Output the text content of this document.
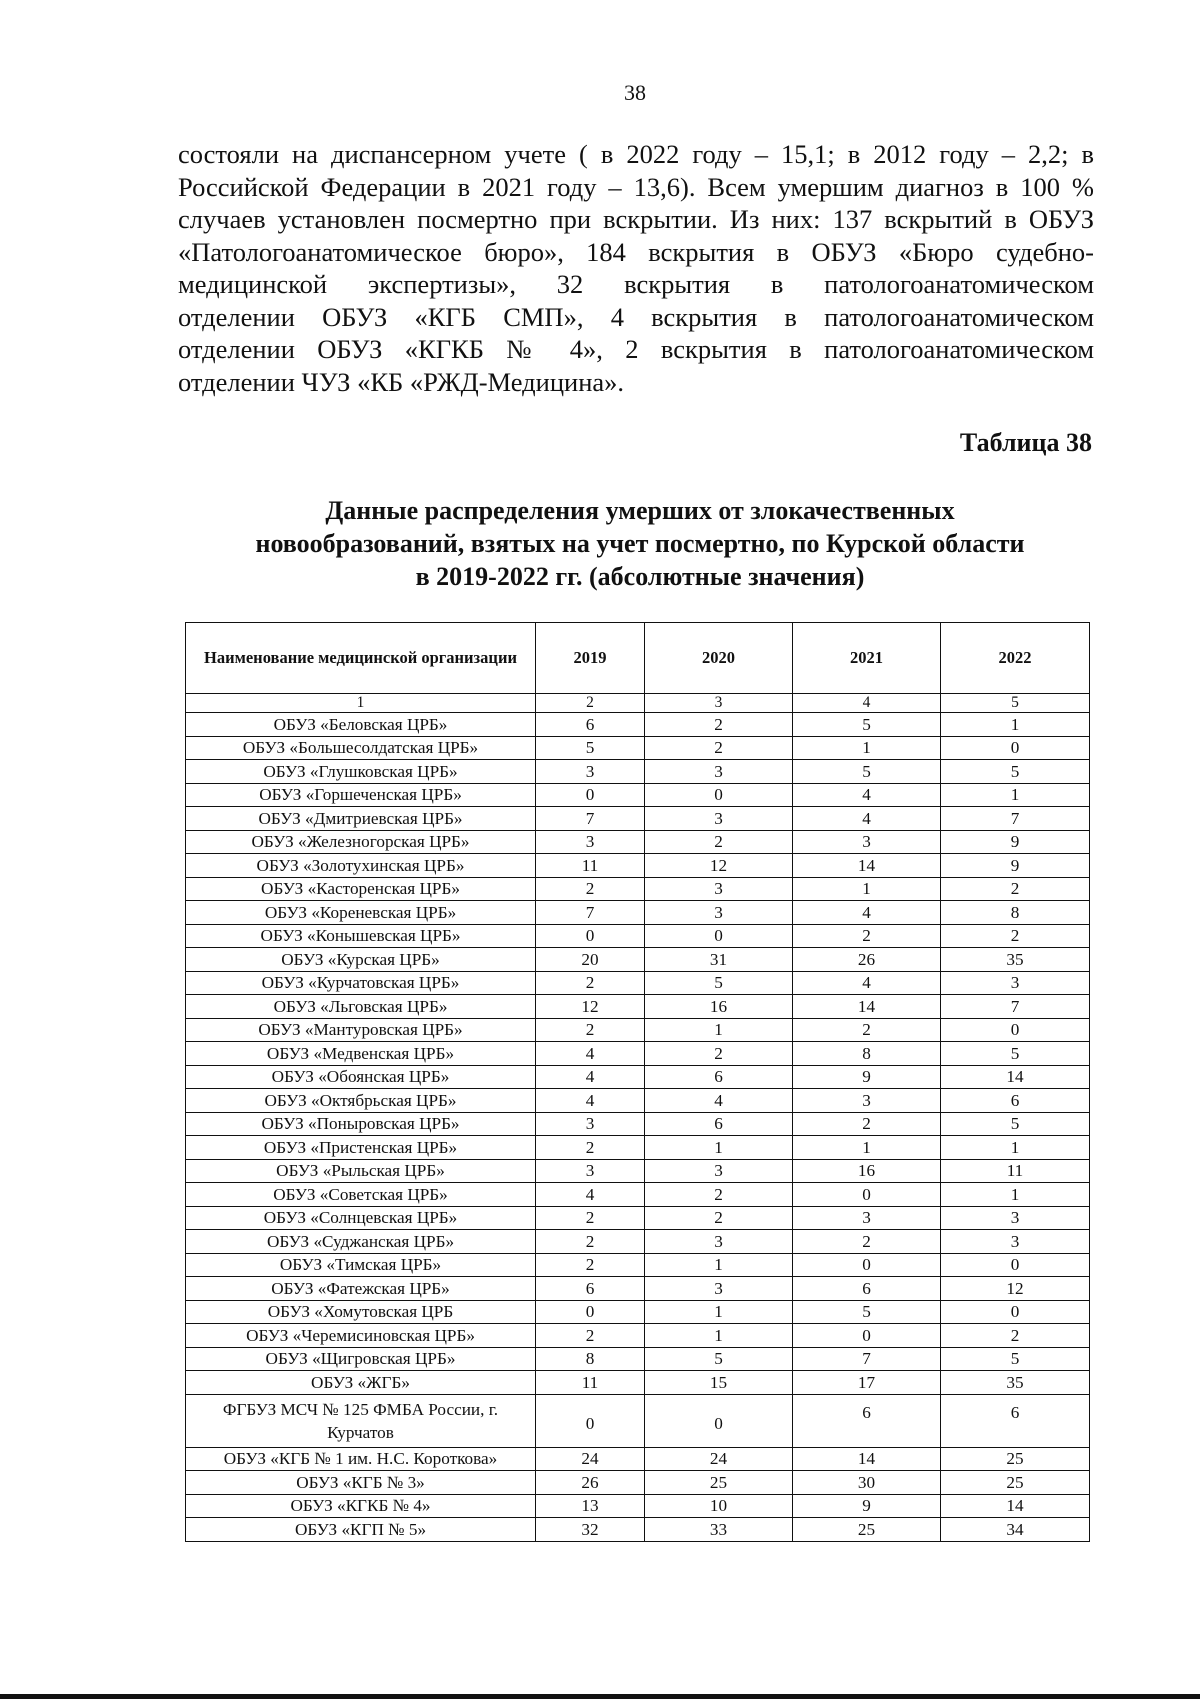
38
состояли на диспансерном учете ( в 2022 году – 15,1; в 2012 году – 2,2; в
Российской Федерации в 2021 году – 13,6). Всем умершим диагноз в 100 %
случаев установлен посмертно при вскрытии. Из них: 137 вскрытий в ОБУЗ
«Патологоанатомическое бюро», 184 вскрытия в ОБУЗ «Бюро судебно-
медицинской экспертизы», 32 вскрытия в патологоанатомическом
отделении ОБУЗ «КГБ СМП», 4 вскрытия в патологоанатомическом
отделении ОБУЗ «КГКБ № 4», 2 вскрытия в патологоанатомическом
отделении ЧУЗ «КБ «РЖД-Медицина».
Таблица 38
Данные распределения умерших от злокачественных
новообразований, взятых на учет посмертно, по Курской области
в 2019-2022 гг. (абсолютные значения)
Наименование медицинской организации	2019	2020	2021	2022
1	2	3	4	5
ОБУЗ «Беловская ЦРБ»	6	2	5	1
ОБУЗ «Большесолдатская ЦРБ»	5	2	1	0
ОБУЗ «Глушковская ЦРБ»	3	3	5	5
ОБУЗ «Горшеченская ЦРБ»	0	0	4	1
ОБУЗ «Дмитриевская ЦРБ»	7	3	4	7
ОБУЗ «Железногорская ЦРБ»	3	2	3	9
ОБУЗ «Золотухинская ЦРБ»	11	12	14	9
ОБУЗ «Касторенская ЦРБ»	2	3	1	2
ОБУЗ «Кореневская ЦРБ»	7	3	4	8
ОБУЗ «Конышевская ЦРБ»	0	0	2	2
ОБУЗ «Курская ЦРБ»	20	31	26	35
ОБУЗ «Курчатовская ЦРБ»	2	5	4	3
ОБУЗ «Льговская ЦРБ»	12	16	14	7
ОБУЗ «Мантуровская ЦРБ»	2	1	2	0
ОБУЗ «Медвенская ЦРБ»	4	2	8	5
ОБУЗ «Обоянская ЦРБ»	4	6	9	14
ОБУЗ «Октябрьская ЦРБ»	4	4	3	6
ОБУЗ «Поныровская ЦРБ»	3	6	2	5
ОБУЗ «Пристенская ЦРБ»	2	1	1	1
ОБУЗ «Рыльская ЦРБ»	3	3	16	11
ОБУЗ «Советская ЦРБ»	4	2	0	1
ОБУЗ «Солнцевская ЦРБ»	2	2	3	3
ОБУЗ «Суджанская ЦРБ»	2	3	2	3
ОБУЗ «Тимская ЦРБ»	2	1	0	0
ОБУЗ «Фатежская ЦРБ»	6	3	6	12
ОБУЗ «Хомутовская ЦРБ	0	1	5	0
ОБУЗ «Черемисиновская ЦРБ»	2	1	0	2
ОБУЗ «Щигровская ЦРБ»	8	5	7	5
ОБУЗ «ЖГБ»	11	15	17	35
ФГБУЗ МСЧ № 125 ФМБА России, г. Курчатов	0	0	6	6
ОБУЗ «КГБ № 1 им. Н.С. Короткова»	24	24	14	25
ОБУЗ «КГБ № 3»	26	25	30	25
ОБУЗ «КГКБ № 4»	13	10	9	14
ОБУЗ «КГП № 5»	32	33	25	34
